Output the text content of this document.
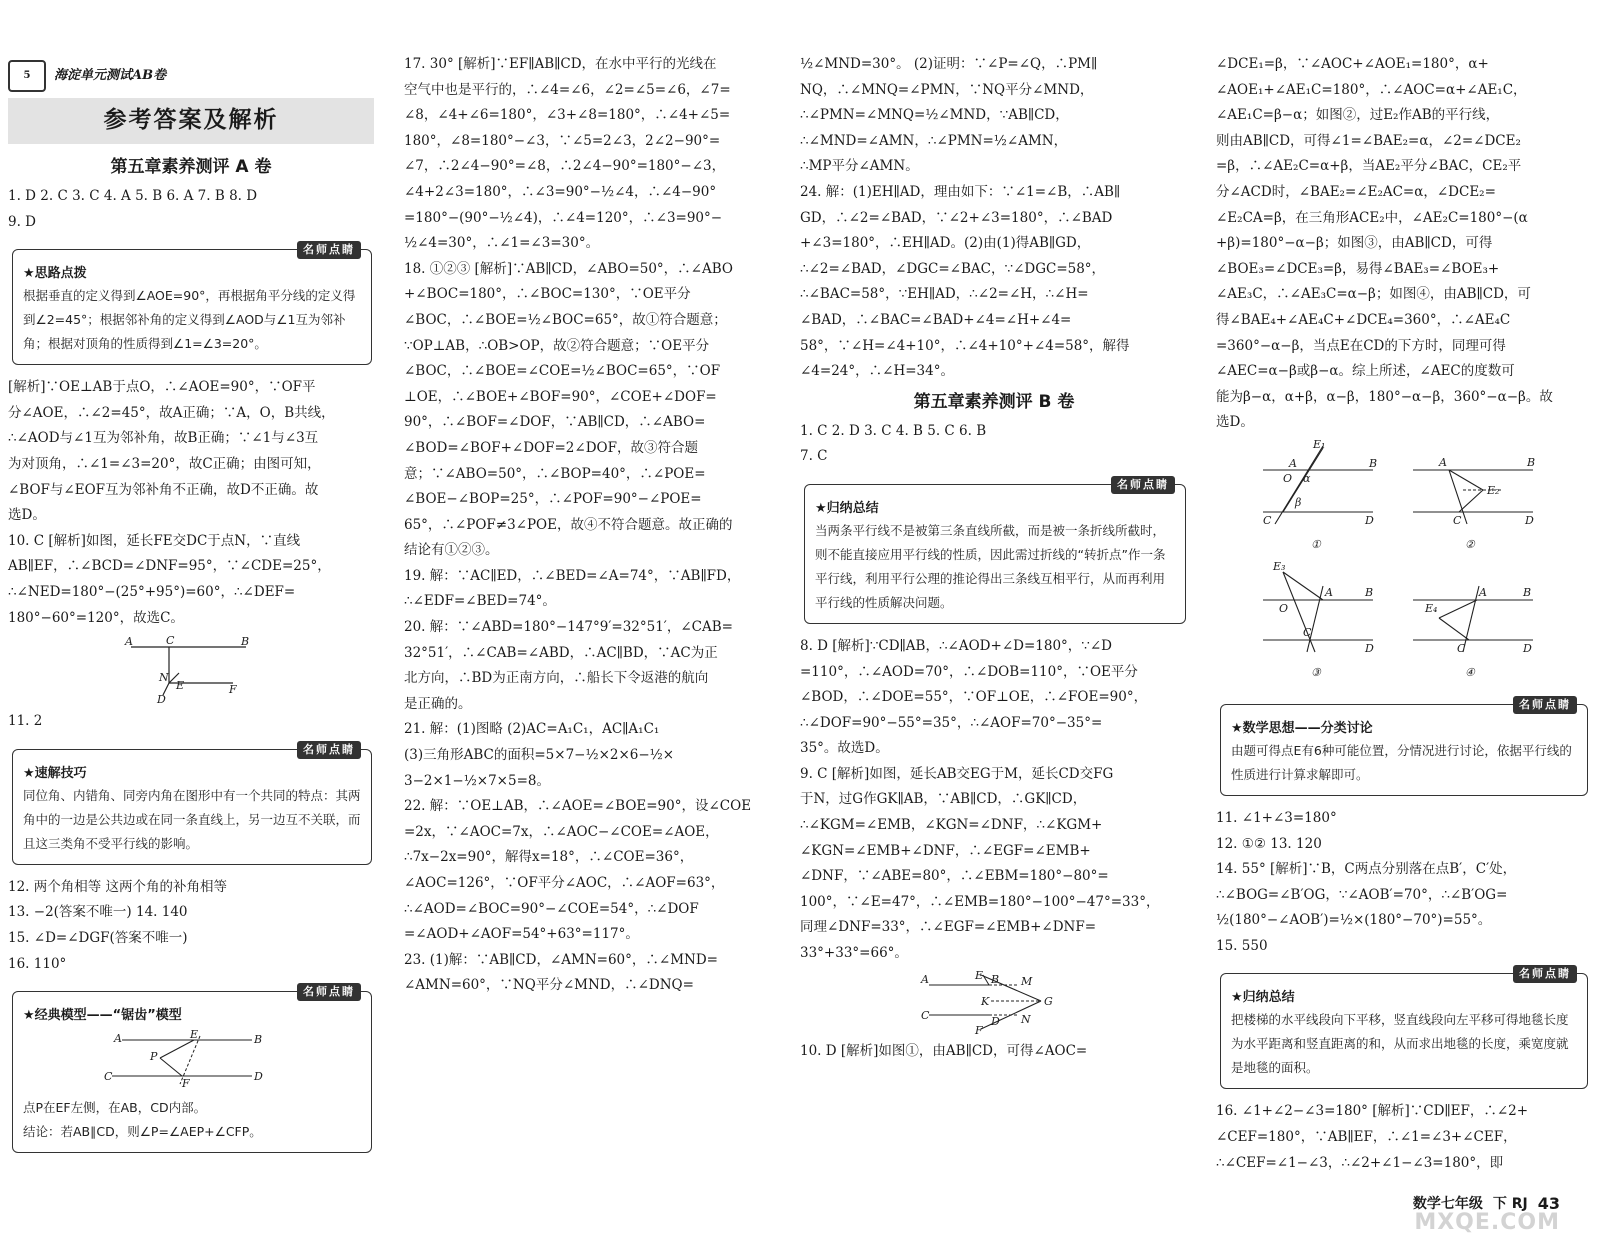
5 海淀单元测试AB卷
参考答案及解析
第五章素养测评 A 卷

1. D 2. C 3. C 4. A 5. B 6. A 7. B 8. D

9. D

名师点睛
★思路点拨
根据垂直的定义得到∠AOE=90°，再根据角平分线的定义得到∠2=45°；根据邻补角的定义得到∠AOD与∠1互为邻补角；根据对顶角的性质得到∠1=∠3=20°。

[解析]∵OE⊥AB于点O，∴∠AOE=90°，∵OF平

分∠AOE，∴∠2=45°，故A正确；∵A，O，B共线，

∴∠AOD与∠1互为邻补角，故B正确；∵∠1与∠3互

为对顶角，∴∠1=∠3=20°，故C正确；由图可知，

∠BOF与∠EOF互为邻补角不正确，故D不正确。故

选D。

10. C [解析]如图，延长FE交DC于点N，∵直线

AB∥EF，∴∠BCD=∠DNF=95°，∵∠CDE=25°，

∴∠NED=180°−(25°+95°)=60°，∴∠DEF=

180°−60°=120°，故选C。

A	C	B
N
E	F
D

11. 2

名师点睛
★速解技巧
同位角、内错角、同旁内角在图形中有一个共同的特点：其两角中的一边是公共边或在同一条直线上，另一边互不关联，而且这三类角不受平行线的影响。

12. 两个角相等 这两个角的补角相等

13. −2(答案不唯一) 14. 140

15. ∠D=∠DGF(答案不唯一)

16. 110°

名师点睛
★经典模型——“锯齿”模型
A	E	B
P
C
F
D
点P在EF左侧，在AB，CD内部。
结论：若AB∥CD，则∠P=∠AEP+∠CFP。

17. 30° [解析]∵EF∥AB∥CD，在水中平行的光线在

空气中也是平行的，∴∠4=∠6，∠2=∠5=∠6，∠7=

∠8，∠4+∠6=180°，∠3+∠8=180°，∴∠4+∠5=

180°，∠8=180°−∠3，∵∠5=2∠3，2∠2−90°=

∠7，∴2∠4−90°=∠8，∴2∠4−90°=180°−∠3，

∠4+2∠3=180°，∴∠3=90°−½∠4，∴∠4−90°

=180°−(90°−½∠4)，∴∠4=120°，∴∠3=90°−

½∠4=30°，∴∠1=∠3=30°。

18. ①②③ [解析]∵AB∥CD，∠ABO=50°，∴∠ABO

+∠BOC=180°，∴∠BOC=130°，∵OE平分

∠BOC，∴∠BOE=½∠BOC=65°，故①符合题意；

∵OP⊥AB，∴OB>OP，故②符合题意；∵OE平分

∠BOC，∴∠BOE=∠COE=½∠BOC=65°，∵OF

⊥OE，∴∠BOE+∠BOF=90°，∠COE+∠DOF=

90°，∴∠BOF=∠DOF，∵AB∥CD，∴∠ABO=

∠BOD=∠BOF+∠DOF=2∠DOF，故③符合题

意；∵∠ABO=50°，∴∠BOP=40°，∴∠POE=

∠BOE−∠BOP=25°，∴∠POF=90°−∠POE=

65°，∴∠POF≠3∠POE，故④不符合题意。故正确的

结论有①②③。

19. 解：∵AC∥ED，∴∠BED=∠A=74°，∵AB∥FD，

∴∠EDF=∠BED=74°。

20. 解：∵∠ABD=180°−147°9′=32°51′，∠CAB=

32°51′，∴∠CAB=∠ABD，∴AC∥BD，∵AC为正

北方向，∴BD为正南方向，∴船长下令返港的航向

是正确的。

21. 解：(1)图略 (2)AC=A₁C₁，AC∥A₁C₁

(3)三角形ABC的面积=5×7−½×2×6−½×

3−2×1−½×7×5=8。

22. 解：∵OE⊥AB，∴∠AOE=∠BOE=90°，设∠COE

=2x，∵∠AOC=7x，∴∠AOC−∠COE=∠AOE，

∴7x−2x=90°，解得x=18°，∴∠COE=36°，

∠AOC=126°，∵OF平分∠AOC，∴∠AOF=63°，

∴∠AOD=∠BOC=90°−∠COE=54°，∴∠DOF

=∠AOD+∠AOF=54°+63°=117°。

23. (1)解：∵AB∥CD，∠AMN=60°，∴∠MND=

∠AMN=60°，∵NQ平分∠MND，∴∠DNQ=

½∠MND=30°。 (2)证明：∵∠P=∠Q，∴PM∥

NQ，∴∠MNQ=∠PMN，∵NQ平分∠MND，

∴∠PMN=∠MNQ=½∠MND，∵AB∥CD，

∴∠MND=∠AMN，∴∠PMN=½∠AMN，

∴MP平分∠AMN。

24. 解：(1)EH∥AD，理由如下：∵∠1=∠B，∴AB∥

GD，∴∠2=∠BAD，∵∠2+∠3=180°，∴∠BAD

+∠3=180°，∴EH∥AD。(2)由(1)得AB∥GD，

∴∠2=∠BAD，∠DGC=∠BAC，∵∠DGC=58°，

∴∠BAC=58°，∵EH∥AD，∴∠2=∠H，∴∠H=

∠BAD，∴∠BAC=∠BAD+∠4=∠H+∠4=

58°，∵∠H=∠4+10°，∴∠4+10°+∠4=58°，解得

∠4=24°，∴∠H=34°。

第五章素养测评 B 卷

1. C 2. D 3. C 4. B 5. C 6. B

7. C

名师点睛
★归纳总结
当两条平行线不是被第三条直线所截，而是被一条折线所截时，则不能直接应用平行线的性质，因此需过折线的“转折点”作一条平行线，利用平行公理的推论得出三条线互相平行，从而再利用平行线的性质解决问题。

8. D [解析]∵CD∥AB，∴∠AOD+∠D=180°，∵∠D

=110°，∴∠AOD=70°，∴∠DOB=110°，∵OE平分

∠BOD，∴∠DOE=55°，∵OF⊥OE，∴∠FOE=90°，

∴∠DOF=90°−55°=35°，∴∠AOF=70°−35°=

35°。故选D。

9. C [解析]如图，延长AB交EG于M，延长CD交FG

于N，过G作GK∥AB，∵AB∥CD，∴GK∥CD，

∴∠KGM=∠EMB，∠KGN=∠DNF，∴∠KGM+

∠KGN=∠EMB+∠DNF，∴∠EGF=∠EMB+

∠DNF，∵∠ABE=80°，∴∠EBM=180°−80°=

100°，∵∠E=47°，∴∠EMB=180°−100°−47°=33°，

同理∠DNF=33°，∴∠EGF=∠EMB+∠DNF=

33°+33°=66°。

A	E	M
B
K	G
C	D
F
N

10. D [解析]如图①，由AB∥CD，可得∠AOC=

∠DCE₁=β，∵∠AOC+∠AOE₁=180°，α+

∠AOE₁+∠AE₁C=180°，∴∠AOC=α+∠AE₁C，

∠AE₁C=β−α；如图②，过E₂作AB的平行线，

则由AB∥CD，可得∠1=∠BAE₂=α，∠2=∠DCE₂

=β，∴∠AE₂C=α+β，当AE₂平分∠BAC，CE₂平

分∠ACD时，∠BAE₂=∠E₂AC=α，∠DCE₂=

∠E₂CA=β，在三角形ACE₂中，∠AE₂C=180°−(α

+β)=180°−α−β；如图③，由AB∥CD，可得

∠BOE₃=∠DCE₃=β，易得∠BAE₃=∠BOE₃+

∠AE₃C，∴∠AE₃C=α−β；如图④，由AB∥CD，可

得∠BAE₄+∠AE₄C+∠DCE₄=360°，∴∠AE₄C

=360°−α−β，当点E在CD的下方时，同理可得

∠AEC=α−β或β−α。综上所述，∠AEC的度数可

能为β−α，α+β，α−β，180°−α−β，360°−α−β。故

选D。

E₁
A	B
O α
β
C	D
①
A	B
E₂
C	D
②
E₃
A	B
O
C
D
③
E₄
A	B
C	D
④
名师点睛
★数学思想——分类讨论
由题可得点E有6种可能位置，分情况进行讨论，依据平行线的性质进行计算求解即可。

11. ∠1+∠3=180°

12. ①② 13. 120

14. 55° [解析]∵B，C两点分别落在点B′，C′处，

∴∠BOG=∠B′OG，∵∠AOB′=70°，∴∠B′OG=

½(180°−∠AOB′)=½×(180°−70°)=55°。

15. 550

名师点睛
★归纳总结
把楼梯的水平线段向下平移，竖直线段向左平移可得地毯长度为水平距离和竖直距离的和，从而求出地毯的长度，乘宽度就是地毯的面积。

16. ∠1+∠2−∠3=180° [解析]∵CD∥EF，∴∠2+

∠CEF=180°，∵AB∥EF，∴∠1=∠3+∠CEF，

∴∠CEF=∠1−∠3，∴∠2+∠1−∠3=180°，即

数学七年级 下 RJ 43
MXQE.COM
